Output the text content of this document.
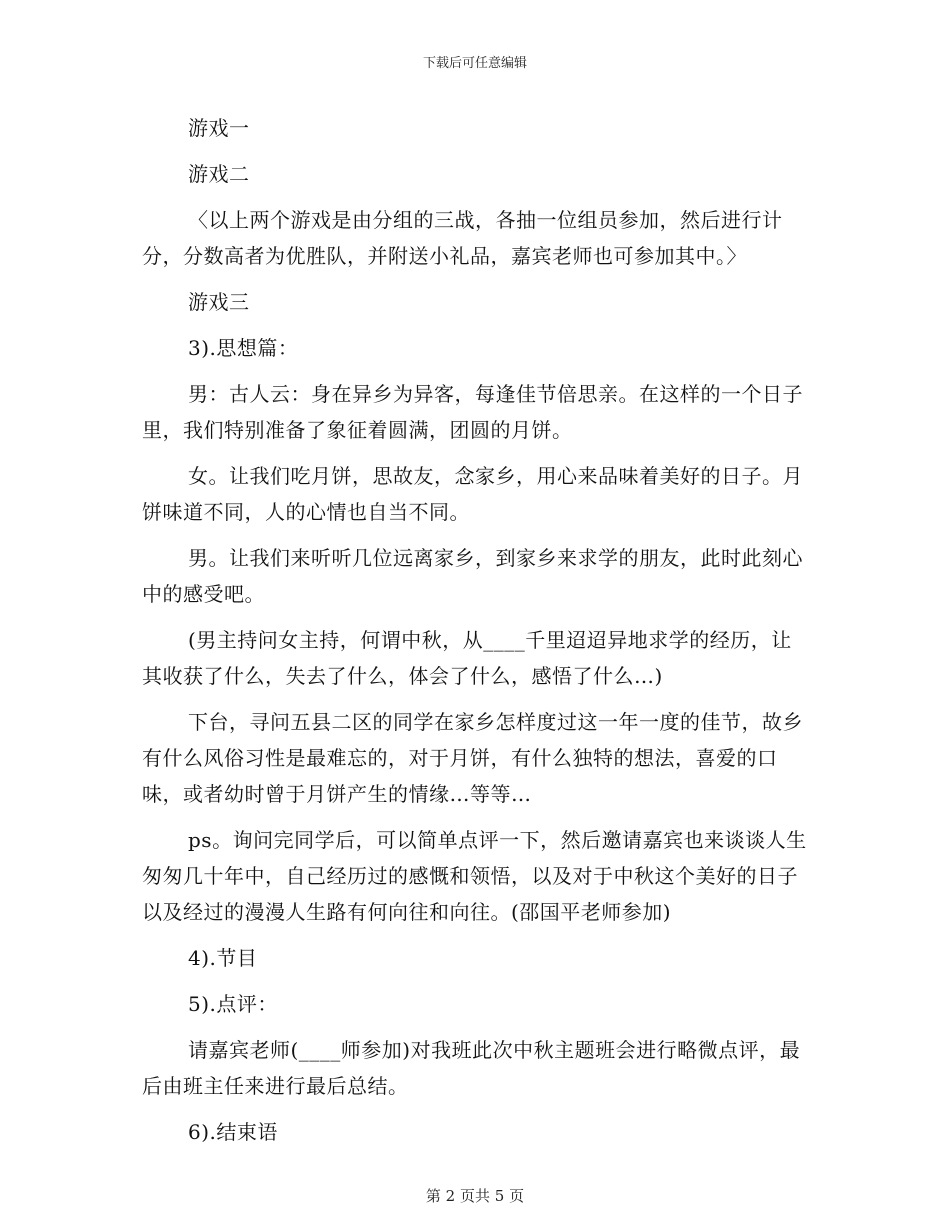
下载后可任意编辑

游戏一

游戏二

〈以上两个游戏是由分组的三战，各抽一位组员参加，然后进行计分，分数高者为优胜队，并附送小礼品，嘉宾老师也可参加其中。〉

游戏三

3).思想篇：

男：古人云：身在异乡为异客，每逢佳节倍思亲。在这样的一个日子里，我们特别准备了象征着圆满，团圆的月饼。

女。让我们吃月饼，思故友，念家乡，用心来品味着美好的日子。月饼味道不同，人的心情也自当不同。

男。让我们来听听几位远离家乡，到家乡来求学的朋友，此时此刻心中的感受吧。

(男主持问女主持，何谓中秋，从____千里迢迢异地求学的经历，让其收获了什么，失去了什么，体会了什么，感悟了什么…)

下台，寻问五县二区的同学在家乡怎样度过这一年一度的佳节，故乡有什么风俗习性是最难忘的，对于月饼，有什么独特的想法，喜爱的口味，或者幼时曾于月饼产生的情缘…等等…

ps。询问完同学后，可以简单点评一下，然后邀请嘉宾也来谈谈人生匆匆几十年中，自己经历过的感慨和领悟，以及对于中秋这个美好的日子以及经过的漫漫人生路有何向往和向往。(邵国平老师参加)

4).节目

5).点评：

请嘉宾老师(____师参加)对我班此次中秋主题班会进行略微点评，最后由班主任来进行最后总结。

6).结束语

第 2 页共 5 页
